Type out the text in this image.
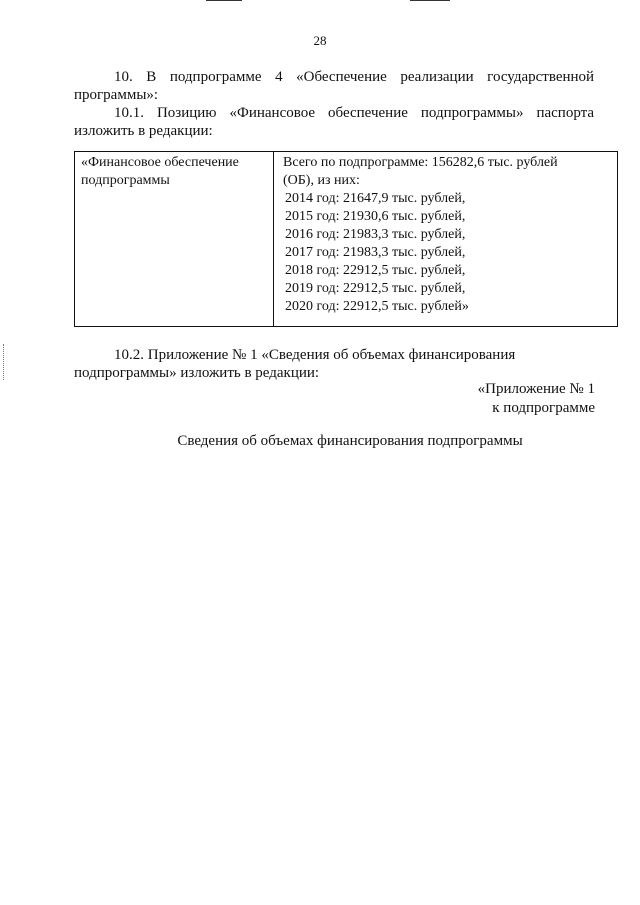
28
10. В подпрограмме 4 «Обеспечение реализации государственной
программы»:
10.1. Позицию «Финансовое обеспечение подпрограммы» паспорта
изложить в редакции:
«Финансовое обеспечение
подпрограммы
Всего по подпрограмме: 156282,6 тыс. рублей
(ОБ), из них:
2014 год: 21647,9 тыс. рублей,
2015 год: 21930,6 тыс. рублей,
2016 год: 21983,3 тыс. рублей,
2017 год: 21983,3 тыс. рублей,
2018 год: 22912,5 тыс. рублей,
2019 год: 22912,5 тыс. рублей,
2020 год: 22912,5 тыс. рублей»
10.2. Приложение № 1 «Сведения об объемах финансирования
подпрограммы» изложить в редакции:
«Приложение № 1
к подпрограмме
Сведения об объемах финансирования подпрограммы
